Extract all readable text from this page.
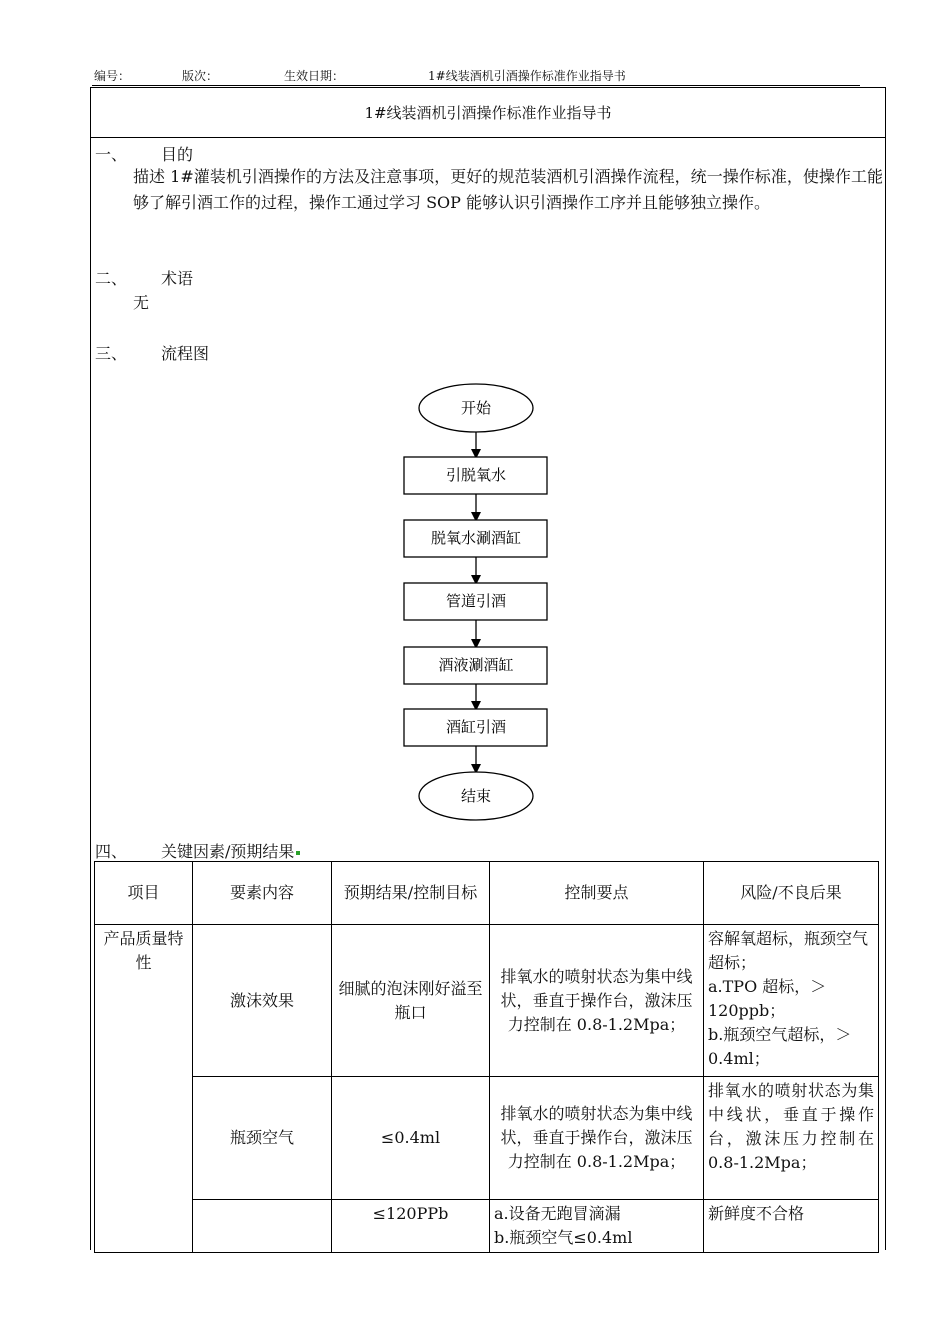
编号：	版次：	生效日期：	1#线装酒机引酒操作标准作业指导书
1#线装酒机引酒操作标准作业指导书
一、 目的
描述 1#灌装机引酒操作的方法及注意事项，更好的规范装酒机引酒操作流程，统一操作标准，使操作工能够了解引酒工作的过程，操作工通过学习 SOP 能够认识引酒操作工序并且能够独立操作。
二、 术语
无
三、 流程图
开始
引脱氧水
脱氧水涮酒缸
管道引酒
酒液涮酒缸
酒缸引酒
结束
四、 关键因素/预期结果
项目	要素内容	预期结果/控制目标	控制要点	风险/不良后果
产品质量特性	激沫效果	细腻的泡沫刚好溢至瓶口	排氧水的喷射状态为集中线状，垂直于操作台，激沫压力控制在 0.8-1.2Mpa；	容解氧超标，瓶颈空气超标；
a.TPO 超标，＞120ppb；
b.瓶颈空气超标，＞0.4ml；

	瓶颈空气	≤0.4ml	排氧水的喷射状态为集中线状，垂直于操作台，激沫压力控制在 0.8-1.2Mpa；	排氧水的喷射状态为集中线状，垂直于操作台，激沫压力控制在 0.8-1.2Mpa；
		≤120PPb	a.设备无跑冒滴漏
b.瓶颈空气≤0.4ml	新鲜度不合格
